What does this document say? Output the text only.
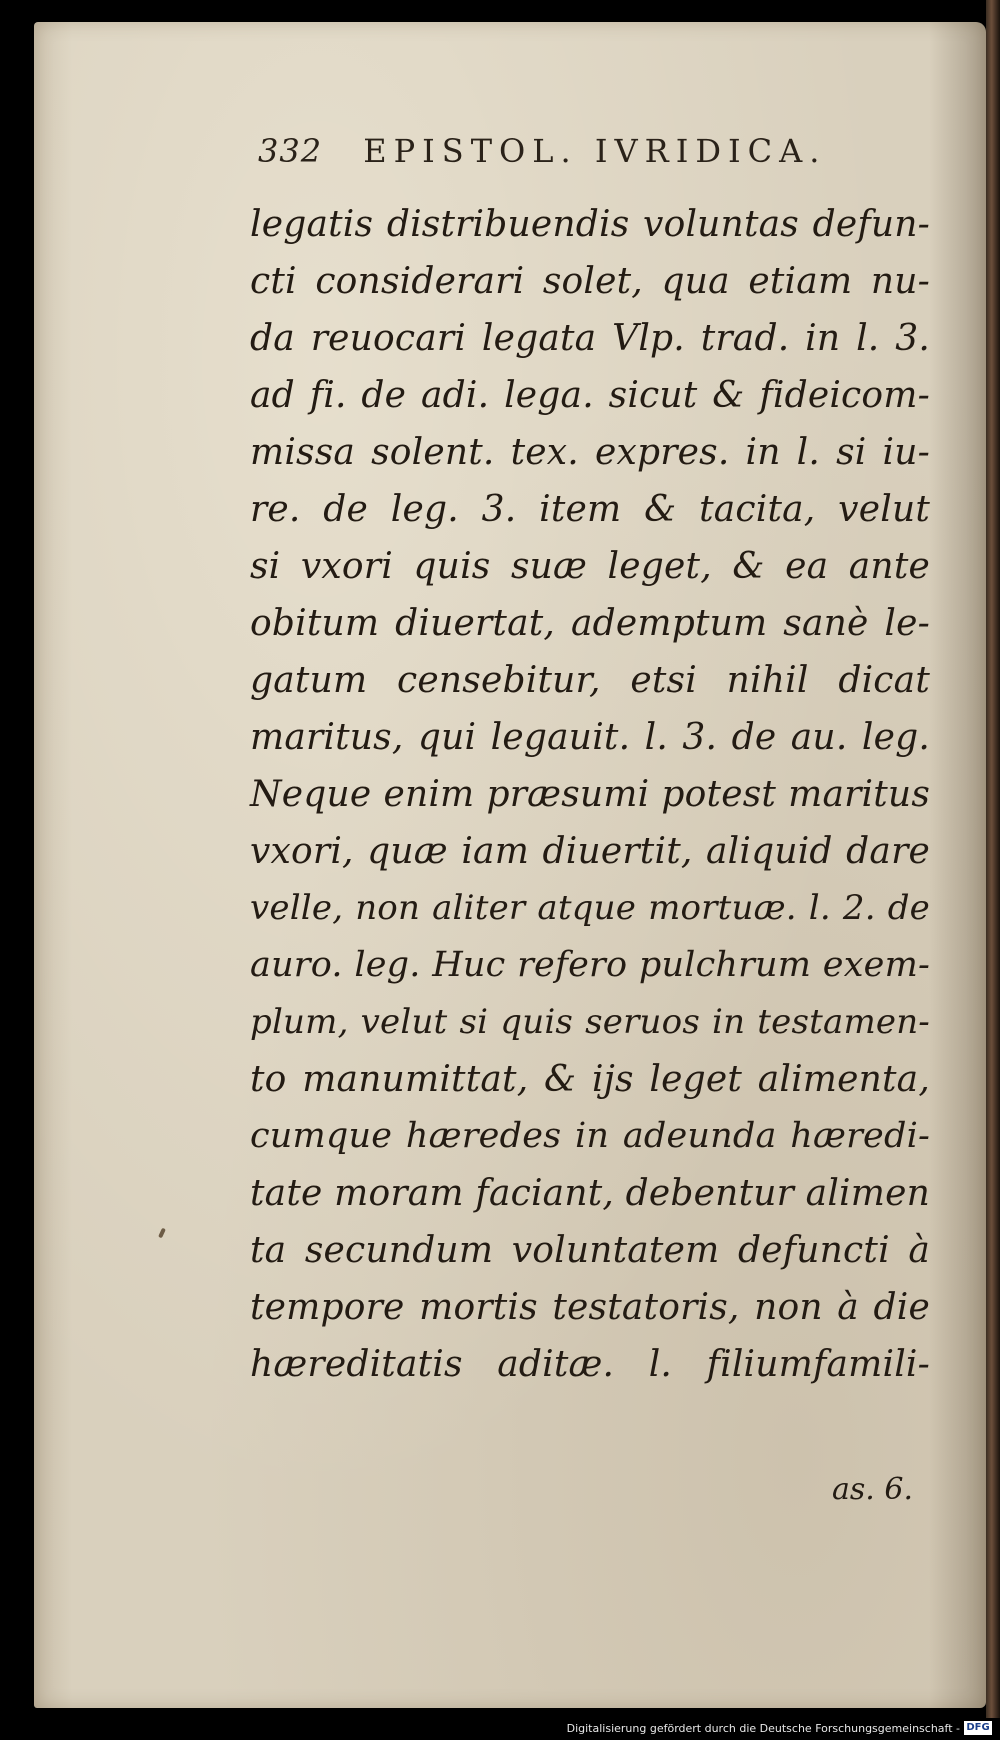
332 EPISTOL. IVRIDICA.
legatis distribuendis voluntas defun-
cti considerari solet, qua etiam nu-
da reuocari legata Vlp. trad. in l. 3.
ad fi. de adi. lega. sicut & fideicom-
missa solent. tex. expres. in l. si iu-
re. de leg. 3. item & tacita, velut
si vxori quis suæ leget, & ea ante
obitum diuertat, ademptum sanè le-
gatum censebitur, etsi nihil dicat
maritus, qui legauit. l. 3. de au. leg.
Neque enim præsumi potest maritus
vxori, quæ iam diuertit, aliquid dare
velle, non aliter atque mortuæ. l. 2. de
auro. leg. Huc refero pulchrum exem-
plum, velut si quis seruos in testamen-
to manumittat, & ijs leget alimenta,
cumque hæredes in adeunda hæredi-
tate moram faciant, debentur alimen
ta secundum voluntatem defuncti à
tempore mortis testatoris, non à die
hæreditatis aditæ. l. filiumfamili-
as. 6.
Digitalisierung gefördert durch die Deutsche Forschungsgemeinschaft - DFG
